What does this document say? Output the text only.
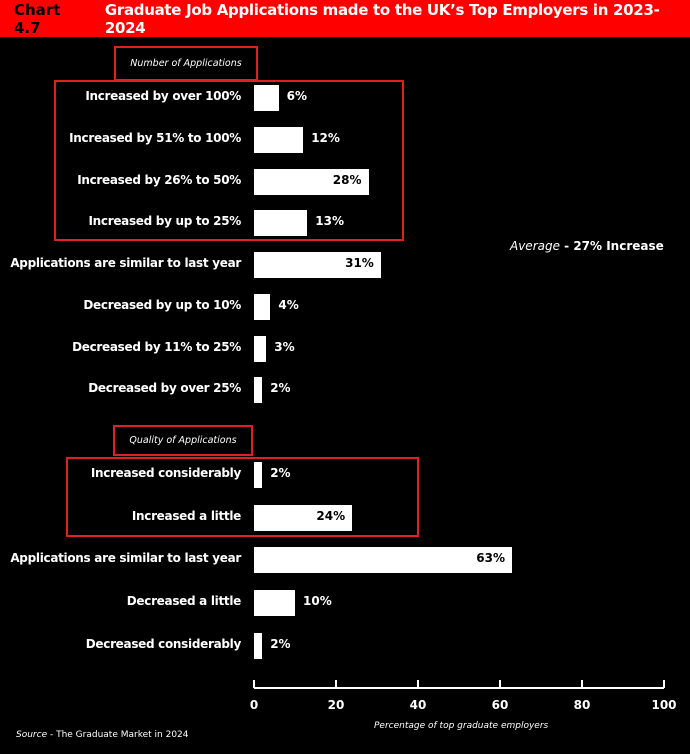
Chart 4.7
Graduate Job Applications made to the UK’s Top Employers in 2023-2024
Number of Applications
Quality of Applications
Increased by over 100%	6%
Increased by 51% to 100%	12%
Increased by 26% to 50%	28%
Increased by up to 25%	13%
Applications are similar to last year	31%
Decreased by up to 10%	4%
Decreased by 11% to 25%	3%
Decreased by over 25% 2%
Increased considerably 2%
Increased a little	24%
Applications are similar to last year	63%
Decreased a little	10%
Decreased considerably 2%
Average - 27% Increase
0	20	40	60	80	100
Percentage of top graduate employers
Source - The Graduate Market in 2024
